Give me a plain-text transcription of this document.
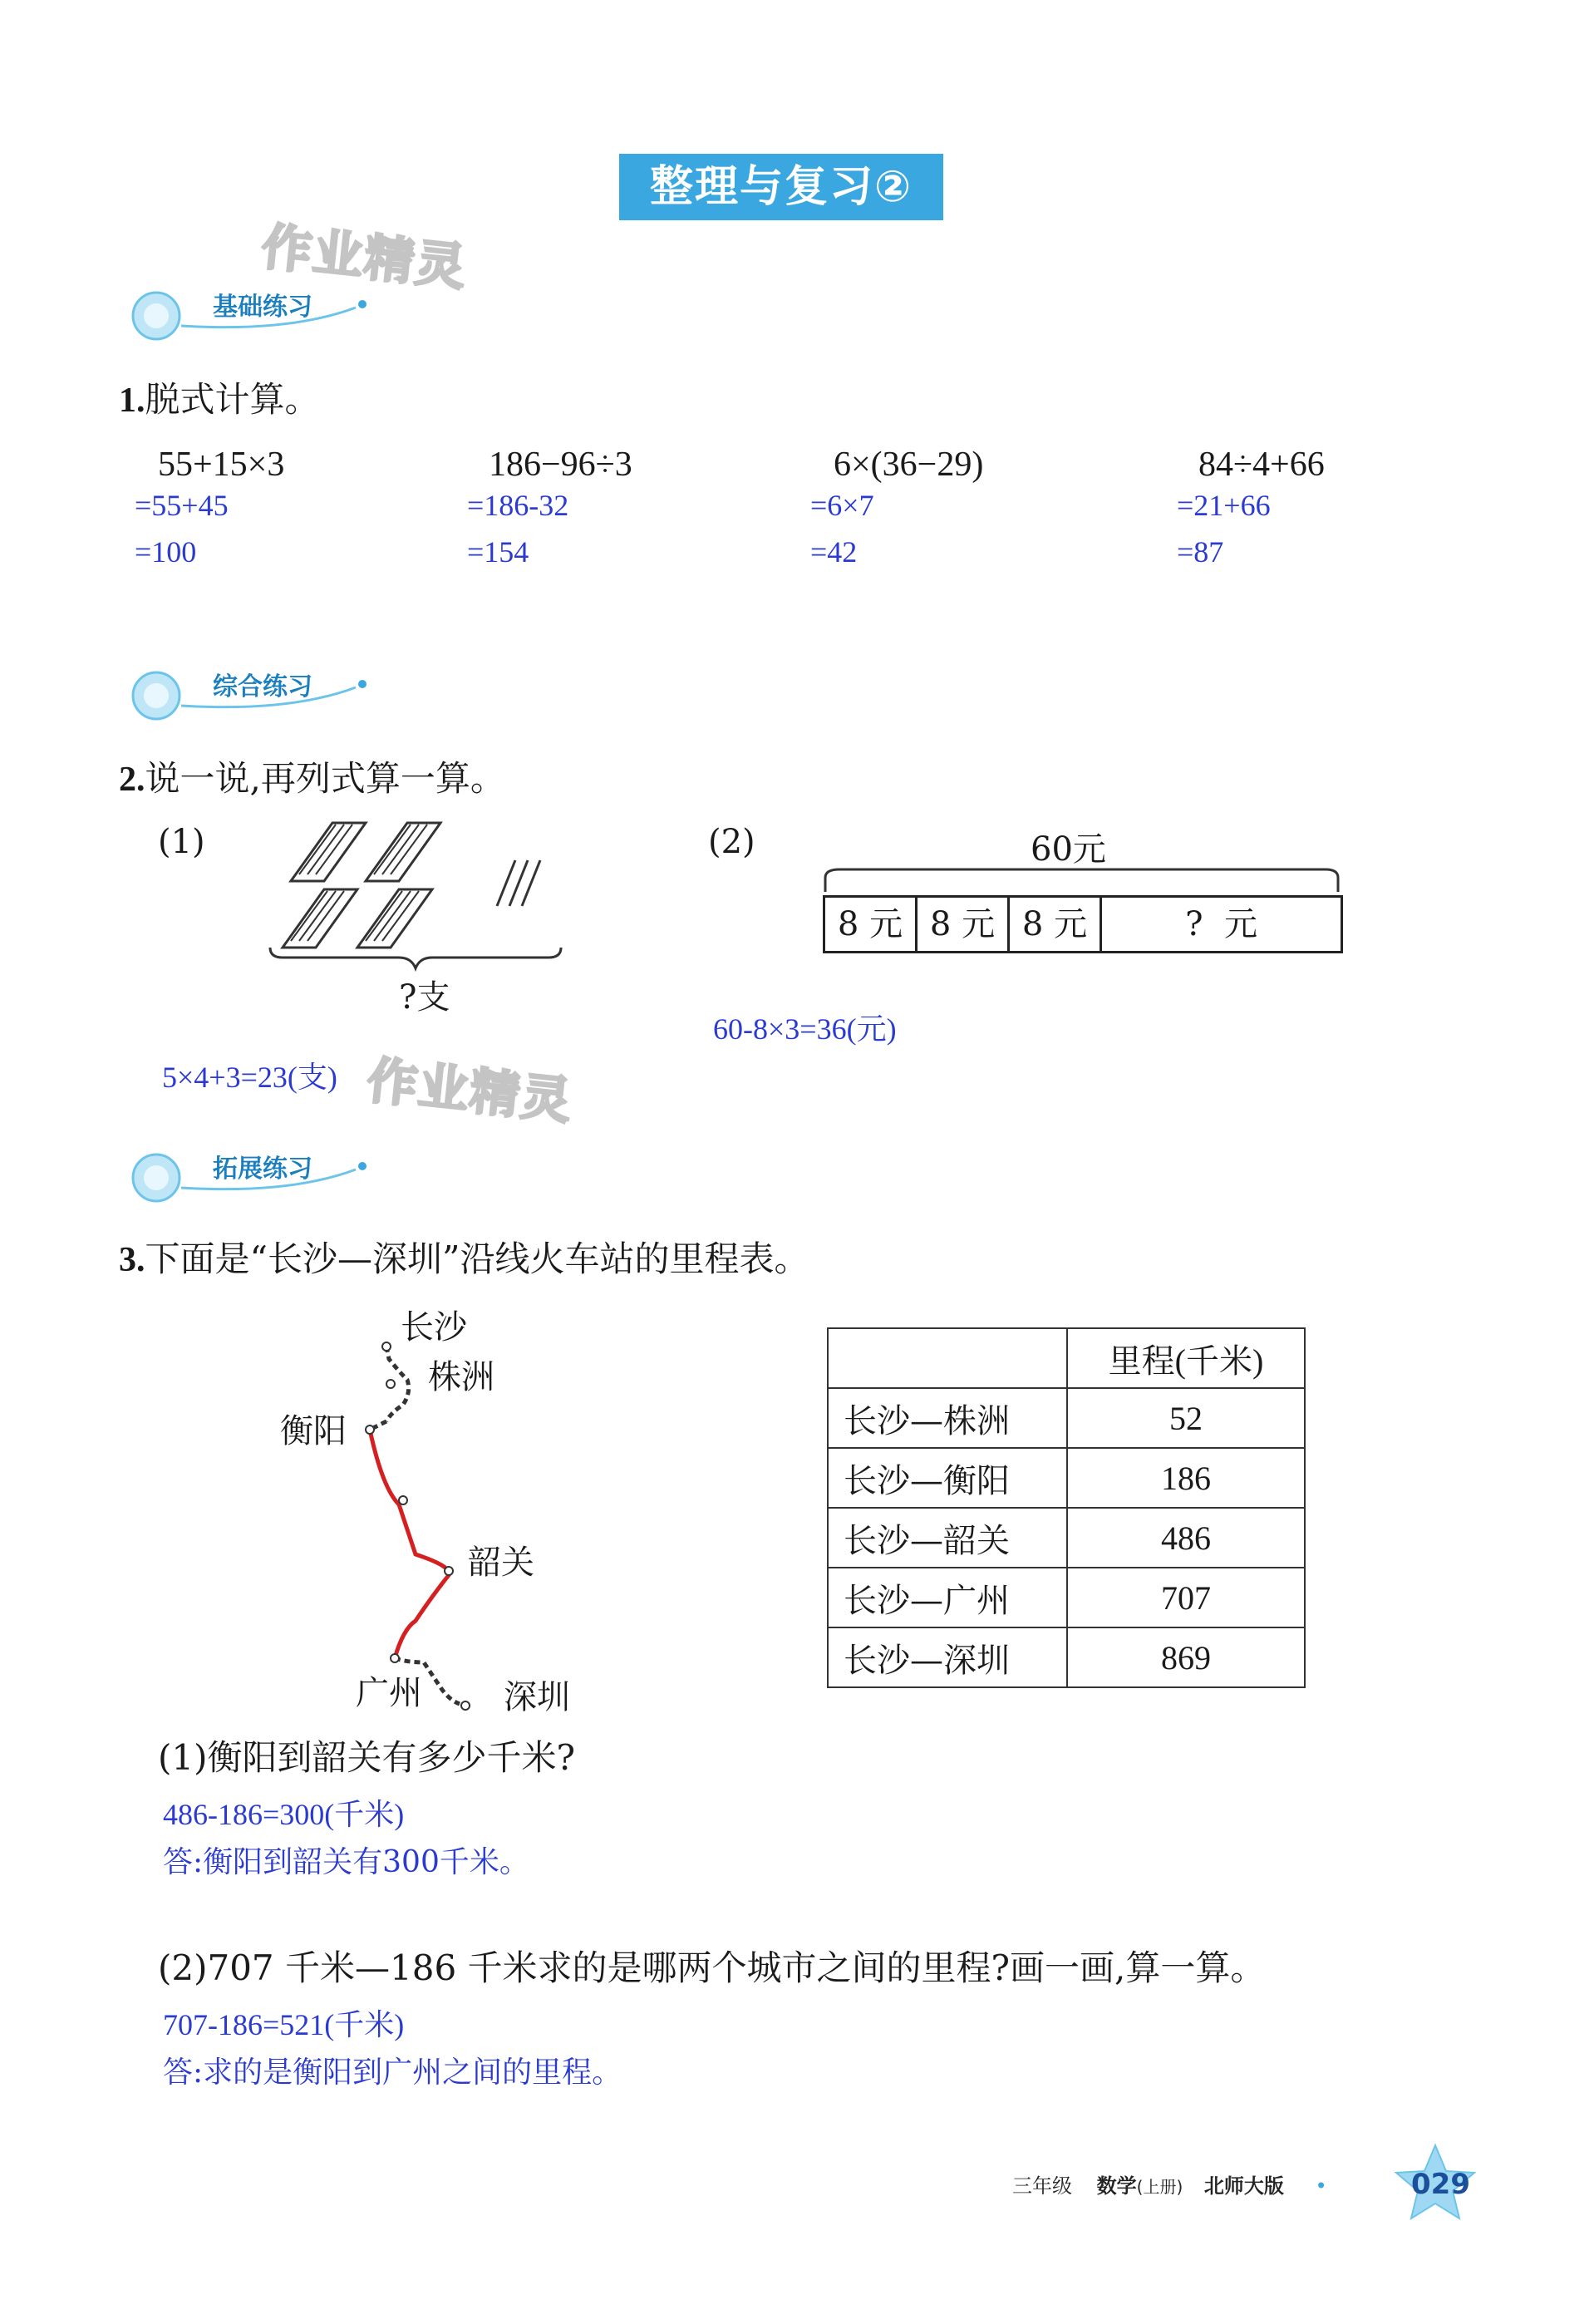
整理与复习②
作业精灵
作业精灵
基础练习
1.脱式计算。
55+15×3
=55+45
=100
186−96÷3
=186-32
=154
6×(36−29)
=6×7
=42
84÷4+66
=21+66
=87
综合练习
2.说一说,再列式算一算。
(1)
?支
5×4+3=23(支)
(2)	60元
8 元 8 元 8 元	?  元
60-8×3=36(元)
拓展练习
3.下面是“长沙—深圳”沿线火车站的里程表。
长沙
株洲
衡阳
韶关
广州 深圳
	里程(千米)
长沙—株洲	52
长沙—衡阳	186
长沙—韶关	486
长沙—广州	707
长沙—深圳	869
(1)衡阳到韶关有多少千米?
486-186=300(千米)
答:衡阳到韶关有300千米。
(2)707 千米—186 千米求的是哪两个城市之间的里程?画一画,算一算。
707-186=521(千米)
答:求的是衡阳到广州之间的里程。
三年级 数学(上册) 北师大版 •	029
